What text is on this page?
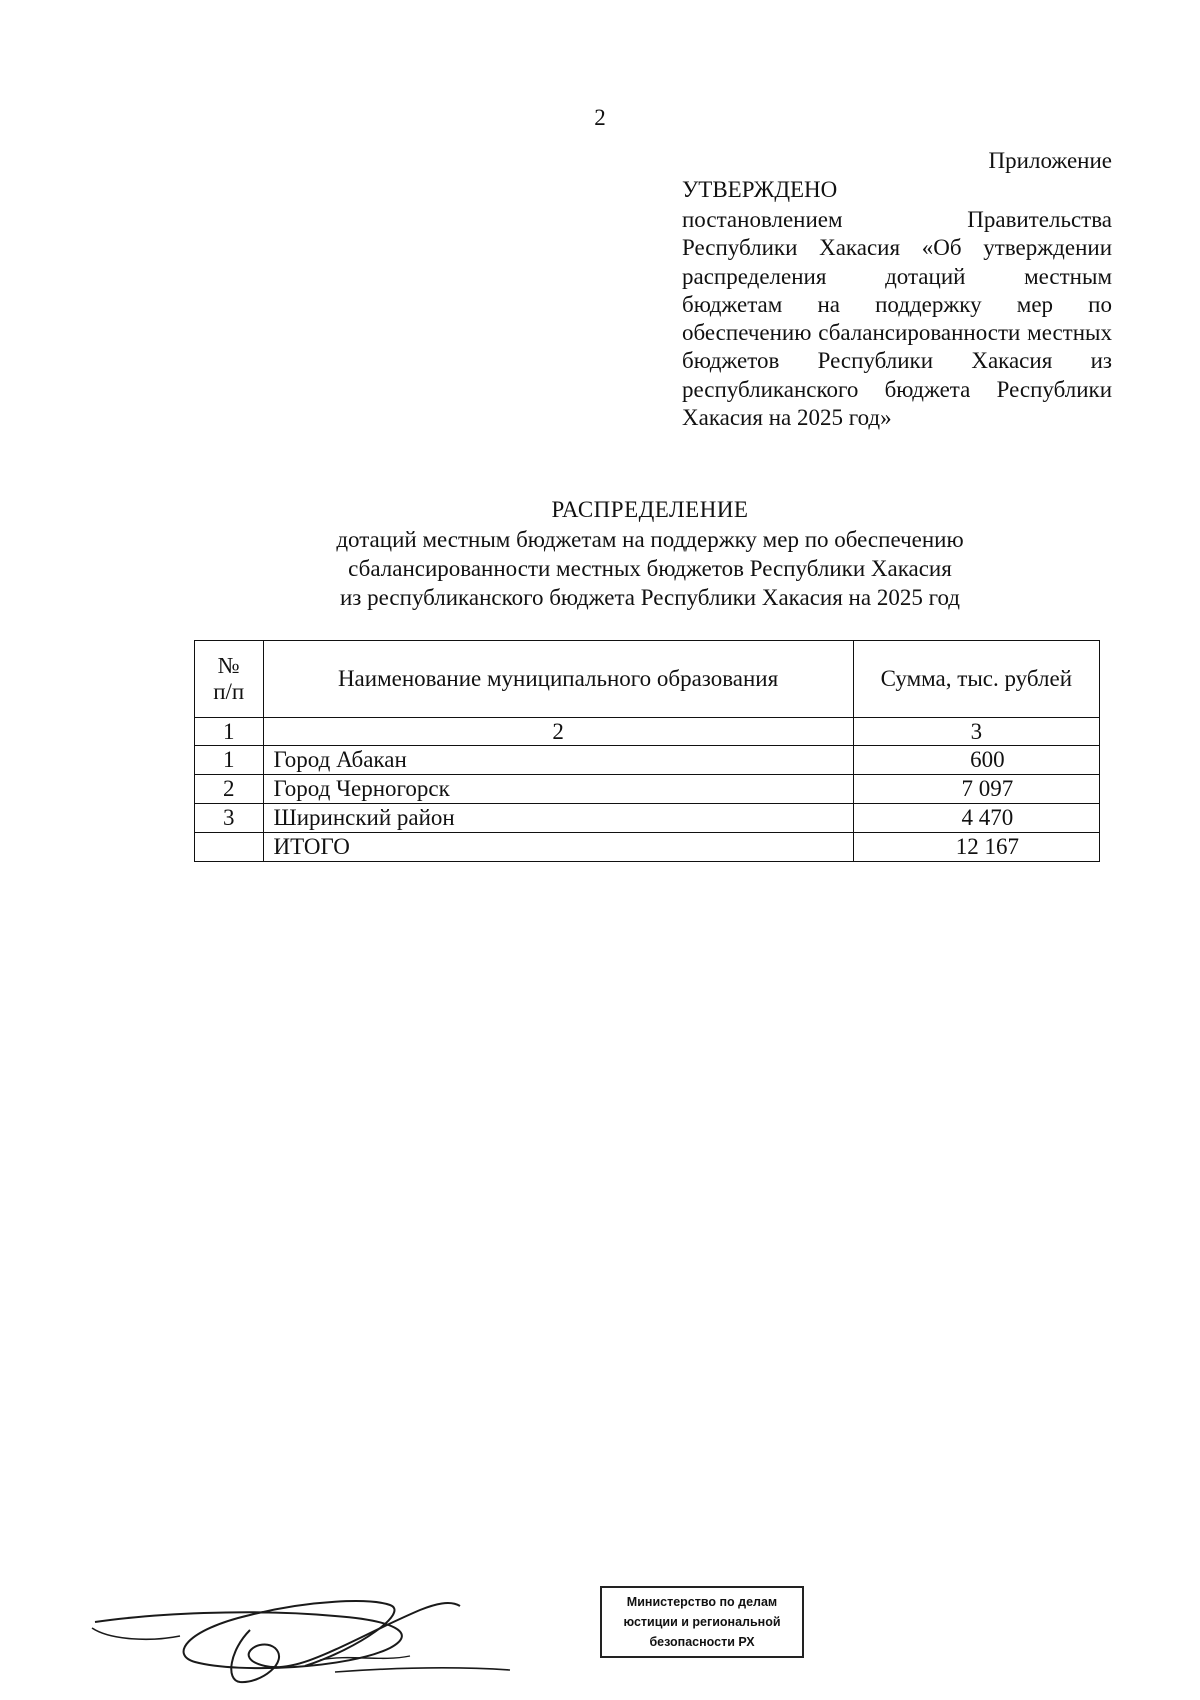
2
Приложение
УТВЕРЖДЕНО
постановлением Правительства Республики Хакасия «Об утверждении распределения дотаций местным бюджетам на поддержку мер по обеспечению сбалансированности местных бюджетов Республики Хакасия из республиканского бюджета Республики Хакасия на 2025 год»
РАСПРЕДЕЛЕНИЕ
дотаций местным бюджетам на поддержку мер по обеспечению
сбалансированности местных бюджетов Республики Хакасия
из республиканского бюджета Республики Хакасия на 2025 год
№
п/п	Наименование муниципального образования	Сумма, тыс. рублей
1	2	3
1	Город Абакан	600
2	Город Черногорск	7 097
3	Ширинский район	4 470
	ИТОГО	12 167
Министерство по делам
юстиции и региональной
безопасности РХ
